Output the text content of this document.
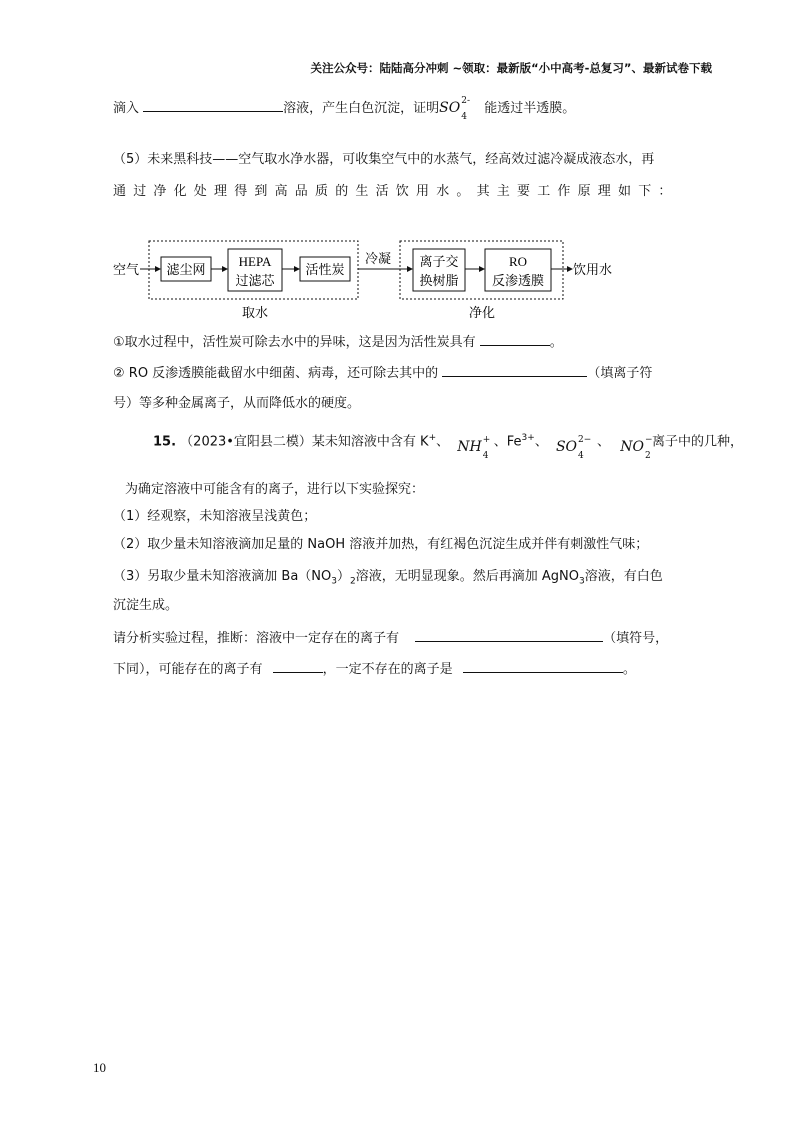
关注公众号：陆陆高分冲刺 ~领取：最新版“小中高考-总复习”、最新试卷下载
滴入	溶液，产生白色沉淀，证明SO 2-
4
能透过半透膜。
（5）未来黑科技——空气取水净水器，可收集空气中的水蒸气，经高效过滤冷凝成液态水，再
通过净化处理得到高品质的生活饮用水。其主要工作原理如下：
空气 滤尘网
HEPA
过滤芯
活性炭
冷凝 离子交
换树脂
RO
反渗透膜
饮用水
取水	净化
①取水过程中，活性炭可除去水中的异味，这是因为活性炭具有	。
② RO 反渗透膜能截留水中细菌、病毒，还可除去其中的	（填离子符
号）等多种金属离子，从而降低水的硬度。
15. （2023•宜阳县二模）某未知溶液中含有 K+、 NH +
4
、$Fe^{3+}$、 SO 2−
4
、 NO −
2
离子中的几种，
为确定溶液中可能含有的离子，进行以下实验探究：
（1）经观察，未知溶液呈浅黄色；
（2）取少量未知溶液滴加足量的 NaOH 溶液并加热，有红褐色沉淀生成并伴有刺激性气味；
（3）另取少量未知溶液滴加 $Ba(NO_3)_2$溶液，无明显现象。然后再滴加 AgNO$_3$溶液，有白色
沉淀生成。
请分析实验过程，推断：溶液中一定存在的离子有	（填符号，
下同），可能存在的离子有	，一定不存在的离子是	。
10
